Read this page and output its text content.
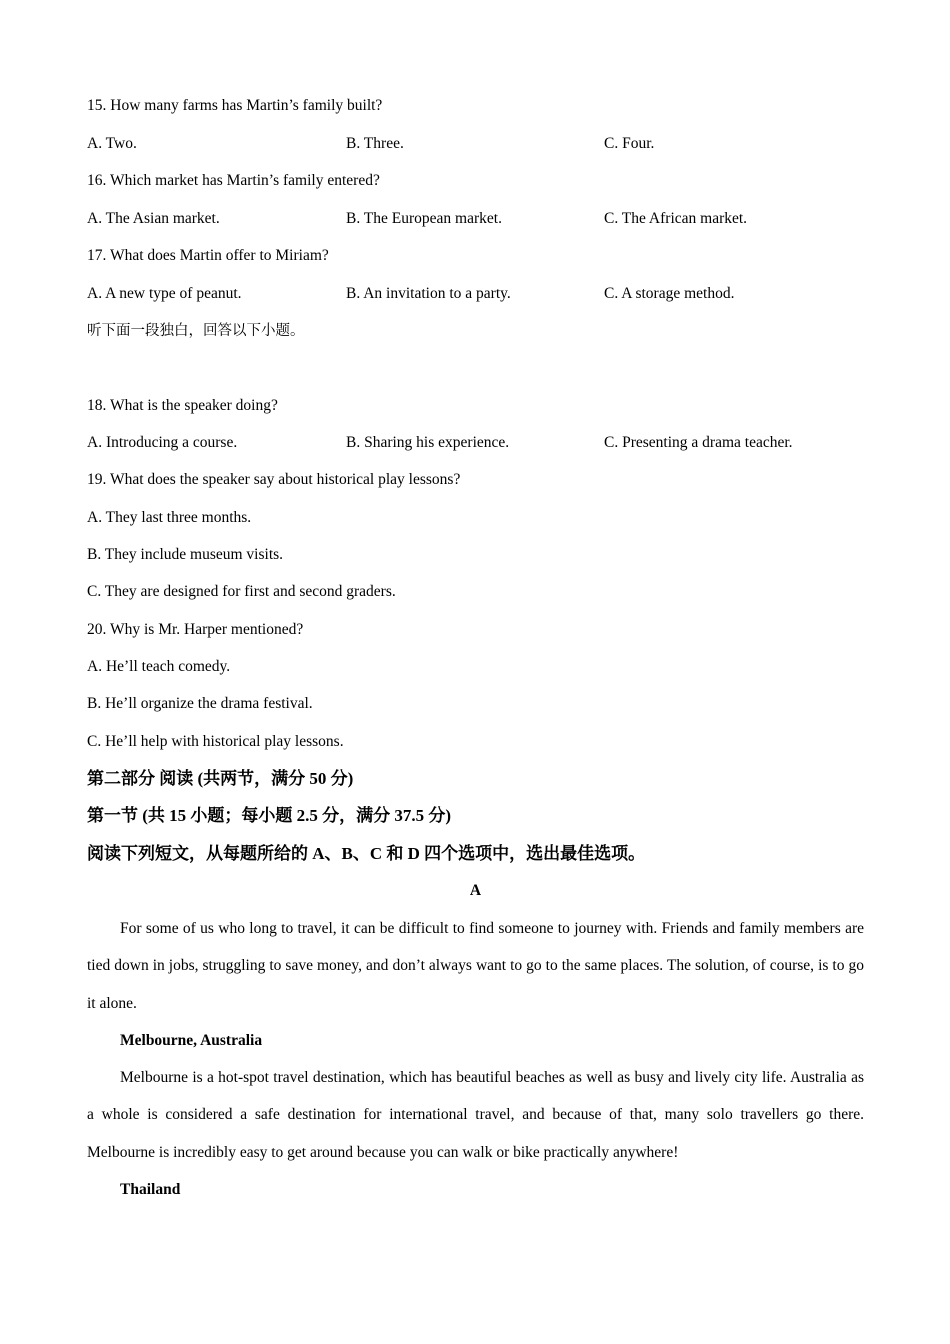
15. How many farms has Martin’s family built?
A. Two.	B. Three.	C. Four.
16. Which market has Martin’s family entered?
A. The Asian market.	B. The European market.	C. The African market.
17. What does Martin offer to Miriam?
A. A new type of peanut.	B. An invitation to a party.	C. A storage method.
听下面一段独白，回答以下小题。
18. What is the speaker doing?
A. Introducing a course.	B. Sharing his experience.	C. Presenting a drama teacher.
19. What does the speaker say about historical play lessons?
A. They last three months.
B. They include museum visits.
C. They are designed for first and second graders.
20. Why is Mr. Harper mentioned?
A. He’ll teach comedy.
B. He’ll organize the drama festival.
C. He’ll help with historical play lessons.
第二部分 阅读 (共两节，满分 50 分)
第一节 (共 15 小题；每小题 2.5 分，满分 37.5 分)
阅读下列短文，从每题所给的 A、B、C 和 D 四个选项中，选出最佳选项。
A

For some of us who long to travel, it can be difficult to find someone to journey with. Friends and family members are tied down in jobs, struggling to save money, and don’t always want to go to the same places. The solution, of course, is to go it alone.

Melbourne, Australia

Melbourne is a hot-spot travel destination, which has beautiful beaches as well as busy and lively city life. Australia as a whole is considered a safe destination for international travel, and because of that, many solo travellers go there. Melbourne is incredibly easy to get around because you can walk or bike practically anywhere!

Thailand
